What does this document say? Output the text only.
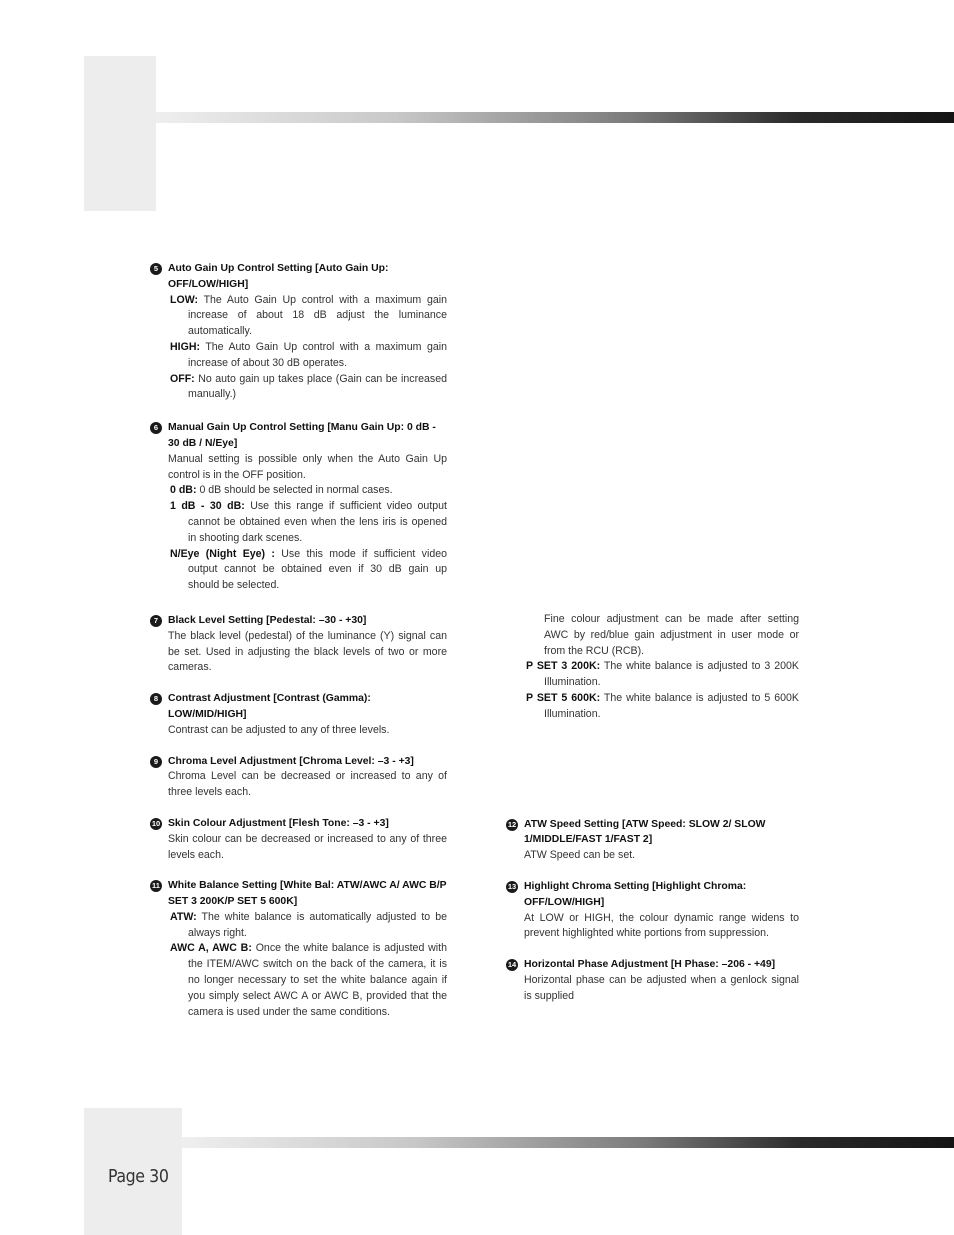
5 Auto Gain Up Control Setting [Auto Gain Up: OFF/LOW/HIGH]
LOW: The Auto Gain Up control with a maximum gain increase of about 18 dB adjust the luminance automatically.
HIGH: The Auto Gain Up control with a maximum gain increase of about 30 dB operates.
OFF: No auto gain up takes place (Gain can be increased manually.)
6 Manual Gain Up Control Setting [Manu Gain Up: 0 dB - 30 dB / N/Eye]
Manual setting is possible only when the Auto Gain Up control is in the OFF position.
0 dB: 0 dB should be selected in normal cases.
1 dB - 30 dB: Use this range if sufficient video output cannot be obtained even when the lens iris is opened in shooting dark scenes.
N/Eye (Night Eye) : Use this mode if sufficient video output cannot be obtained even if 30 dB gain up should be selected.
7 Black Level Setting [Pedestal: –30 - +30]
The black level (pedestal) of the luminance (Y) signal can be set. Used in adjusting the black levels of two or more cameras.
8 Contrast Adjustment [Contrast (Gamma): LOW/MID/HIGH]
Contrast can be adjusted to any of three levels.
9 Chroma Level Adjustment [Chroma Level: –3 - +3]
Chroma Level can be decreased or increased to any of three levels each.
10 Skin Colour Adjustment [Flesh Tone: –3 - +3]
Skin colour can be decreased or increased to any of three levels each.
11 White Balance Setting [White Bal: ATW/AWC A/ AWC B/P SET 3 200K/P SET 5 600K]
ATW: The white balance is automatically adjusted to be always right.
AWC A, AWC B: Once the white balance is adjusted with the ITEM/AWC switch on the back of the camera, it is no longer necessary to set the white balance again if you simply select AWC A or AWC B, provided that the camera is used under the same conditions.
Fine colour adjustment can be made after setting AWC by red/blue gain adjustment in user mode or from the RCU (RCB).
P SET 3 200K: The white balance is adjusted to 3 200K Illumination.
P SET 5 600K: The white balance is adjusted to 5 600K Illumination.
12 ATW Speed Setting [ATW Speed: SLOW 2/ SLOW 1/MIDDLE/FAST 1/FAST 2]
ATW Speed can be set.
13 Highlight Chroma Setting [Highlight Chroma: OFF/LOW/HIGH]
At LOW or HIGH, the colour dynamic range widens to prevent highlighted white portions from suppression.
14 Horizontal Phase Adjustment [H Phase: –206 - +49]
Horizontal phase can be adjusted when a genlock signal is supplied
Page 30
